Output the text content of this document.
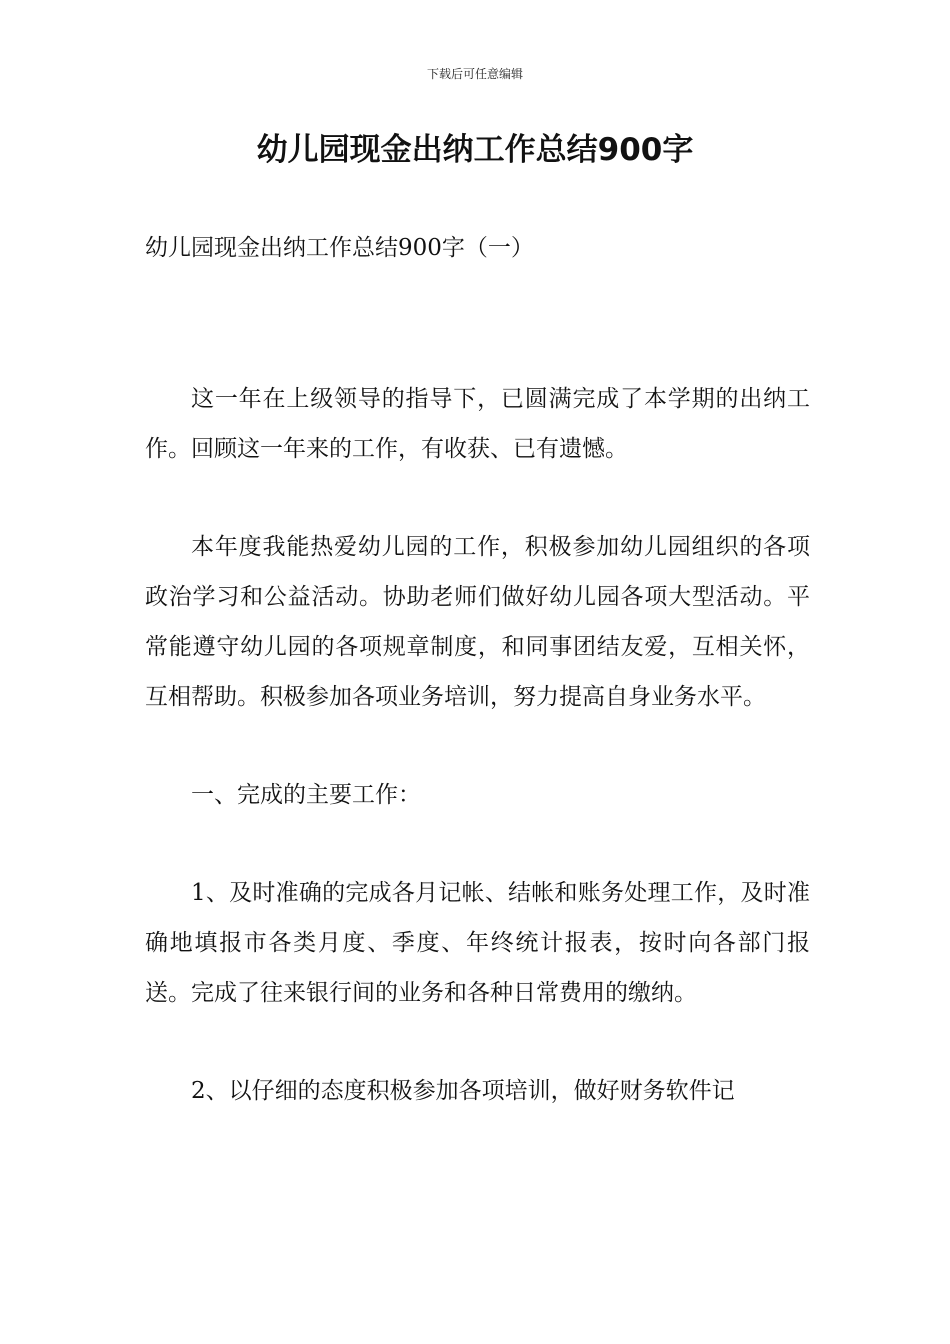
下载后可任意编辑
幼儿园现金出纳工作总结900字

幼儿园现金出纳工作总结900字（一）

这一年在上级领导的指导下，已圆满完成了本学期的出纳工作。回顾这一年来的工作，有收获、已有遗憾。

本年度我能热爱幼儿园的工作，积极参加幼儿园组织的各项政治学习和公益活动。协助老师们做好幼儿园各项大型活动。平常能遵守幼儿园的各项规章制度，和同事团结友爱，互相关怀，互相帮助。积极参加各项业务培训，努力提高自身业务水平。

一、完成的主要工作：

1、及时准确的完成各月记帐、结帐和账务处理工作，及时准确地填报市各类月度、季度、年终统计报表，按时向各部门报送。完成了往来银行间的业务和各种日常费用的缴纳。

2、以仔细的态度积极参加各项培训，做好财务软件记
